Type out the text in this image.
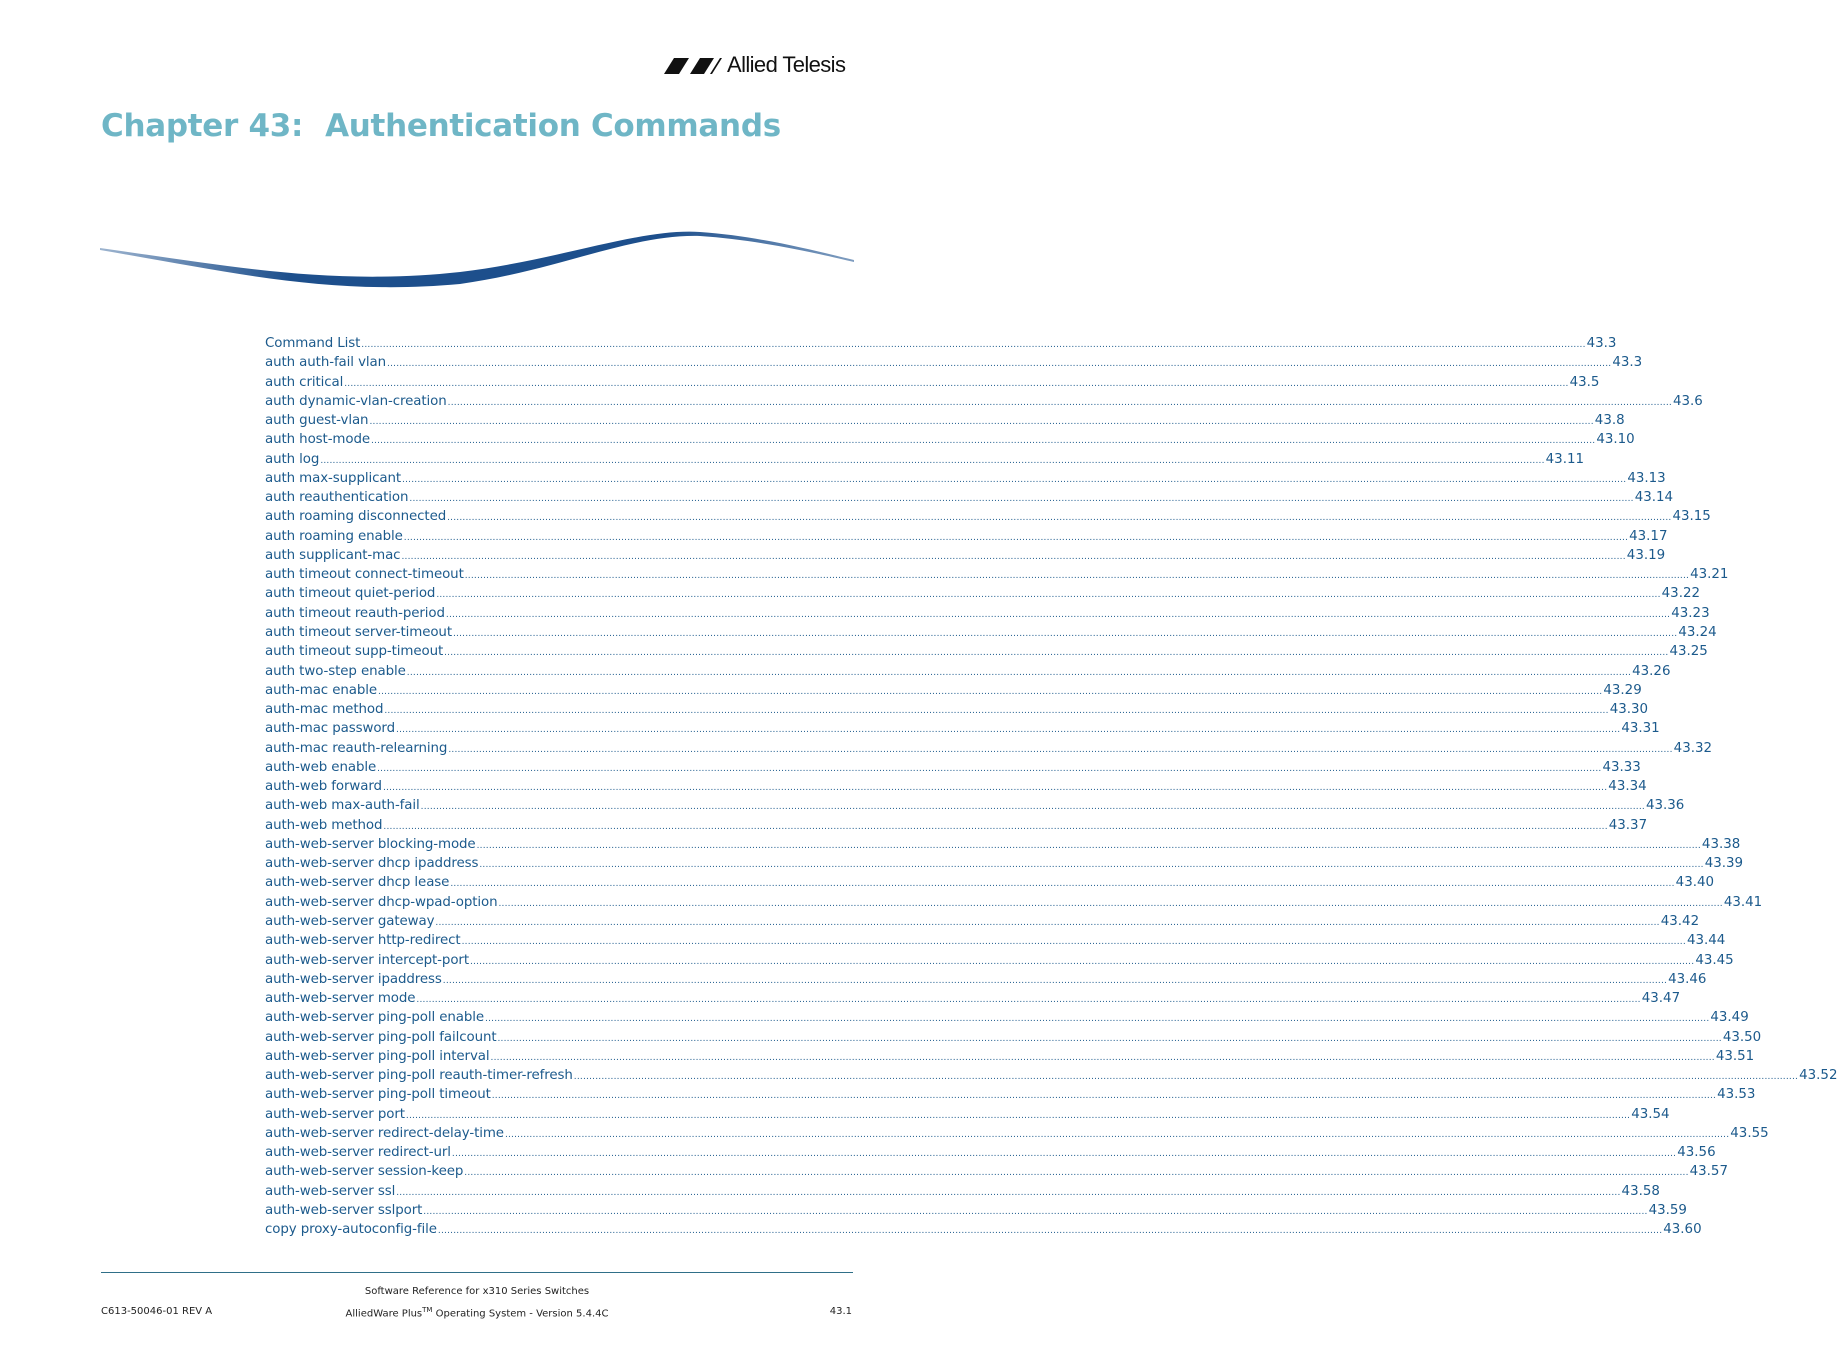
Allied Telesis
Chapter 43: Authentication Commands
Command List ................................................................................................................................................................................................................................................................................................................................................................................................................ 43.3
auth auth-fail vlan ................................................................................................................................................................................................................................................................................................................................................................................................................ 43.3
auth critical ................................................................................................................................................................................................................................................................................................................................................................................................................ 43.5
auth dynamic-vlan-creation ................................................................................................................................................................................................................................................................................................................................................................................................................ 43.6
auth guest-vlan ................................................................................................................................................................................................................................................................................................................................................................................................................ 43.8
auth host-mode ................................................................................................................................................................................................................................................................................................................................................................................................................ 43.10
auth log ................................................................................................................................................................................................................................................................................................................................................................................................................ 43.11
auth max-supplicant ................................................................................................................................................................................................................................................................................................................................................................................................................ 43.13
auth reauthentication ................................................................................................................................................................................................................................................................................................................................................................................................................ 43.14
auth roaming disconnected ................................................................................................................................................................................................................................................................................................................................................................................................................ 43.15
auth roaming enable ................................................................................................................................................................................................................................................................................................................................................................................................................ 43.17
auth supplicant-mac ................................................................................................................................................................................................................................................................................................................................................................................................................ 43.19
auth timeout connect-timeout ................................................................................................................................................................................................................................................................................................................................................................................................................ 43.21
auth timeout quiet-period ................................................................................................................................................................................................................................................................................................................................................................................................................ 43.22
auth timeout reauth-period ................................................................................................................................................................................................................................................................................................................................................................................................................ 43.23
auth timeout server-timeout ................................................................................................................................................................................................................................................................................................................................................................................................................ 43.24
auth timeout supp-timeout ................................................................................................................................................................................................................................................................................................................................................................................................................ 43.25
auth two-step enable ................................................................................................................................................................................................................................................................................................................................................................................................................ 43.26
auth-mac enable ................................................................................................................................................................................................................................................................................................................................................................................................................ 43.29
auth-mac method ................................................................................................................................................................................................................................................................................................................................................................................................................ 43.30
auth-mac password ................................................................................................................................................................................................................................................................................................................................................................................................................ 43.31
auth-mac reauth-relearning ................................................................................................................................................................................................................................................................................................................................................................................................................ 43.32
auth-web enable ................................................................................................................................................................................................................................................................................................................................................................................................................ 43.33
auth-web forward ................................................................................................................................................................................................................................................................................................................................................................................................................ 43.34
auth-web max-auth-fail ................................................................................................................................................................................................................................................................................................................................................................................................................ 43.36
auth-web method ................................................................................................................................................................................................................................................................................................................................................................................................................ 43.37
auth-web-server blocking-mode ................................................................................................................................................................................................................................................................................................................................................................................................................ 43.38
auth-web-server dhcp ipaddress ................................................................................................................................................................................................................................................................................................................................................................................................................ 43.39
auth-web-server dhcp lease ................................................................................................................................................................................................................................................................................................................................................................................................................ 43.40
auth-web-server dhcp-wpad-option ................................................................................................................................................................................................................................................................................................................................................................................................................ 43.41
auth-web-server gateway ................................................................................................................................................................................................................................................................................................................................................................................................................ 43.42
auth-web-server http-redirect ................................................................................................................................................................................................................................................................................................................................................................................................................ 43.44
auth-web-server intercept-port ................................................................................................................................................................................................................................................................................................................................................................................................................ 43.45
auth-web-server ipaddress ................................................................................................................................................................................................................................................................................................................................................................................................................ 43.46
auth-web-server mode ................................................................................................................................................................................................................................................................................................................................................................................................................ 43.47
auth-web-server ping-poll enable ................................................................................................................................................................................................................................................................................................................................................................................................................ 43.49
auth-web-server ping-poll failcount ................................................................................................................................................................................................................................................................................................................................................................................................................ 43.50
auth-web-server ping-poll interval ................................................................................................................................................................................................................................................................................................................................................................................................................ 43.51
auth-web-server ping-poll reauth-timer-refresh ................................................................................................................................................................................................................................................................................................................................................................................................................ 43.52
auth-web-server ping-poll timeout ................................................................................................................................................................................................................................................................................................................................................................................................................ 43.53
auth-web-server port ................................................................................................................................................................................................................................................................................................................................................................................................................ 43.54
auth-web-server redirect-delay-time ................................................................................................................................................................................................................................................................................................................................................................................................................ 43.55
auth-web-server redirect-url ................................................................................................................................................................................................................................................................................................................................................................................................................ 43.56
auth-web-server session-keep ................................................................................................................................................................................................................................................................................................................................................................................................................ 43.57
auth-web-server ssl ................................................................................................................................................................................................................................................................................................................................................................................................................ 43.58
auth-web-server sslport ................................................................................................................................................................................................................................................................................................................................................................................................................ 43.59
copy proxy-autoconfig-file ................................................................................................................................................................................................................................................................................................................................................................................................................ 43.60
Software Reference for x310 Series Switches
C613-50046-01 REV A	AlliedWare Plus™ Operating System - Version 5.4.4C	43.1
